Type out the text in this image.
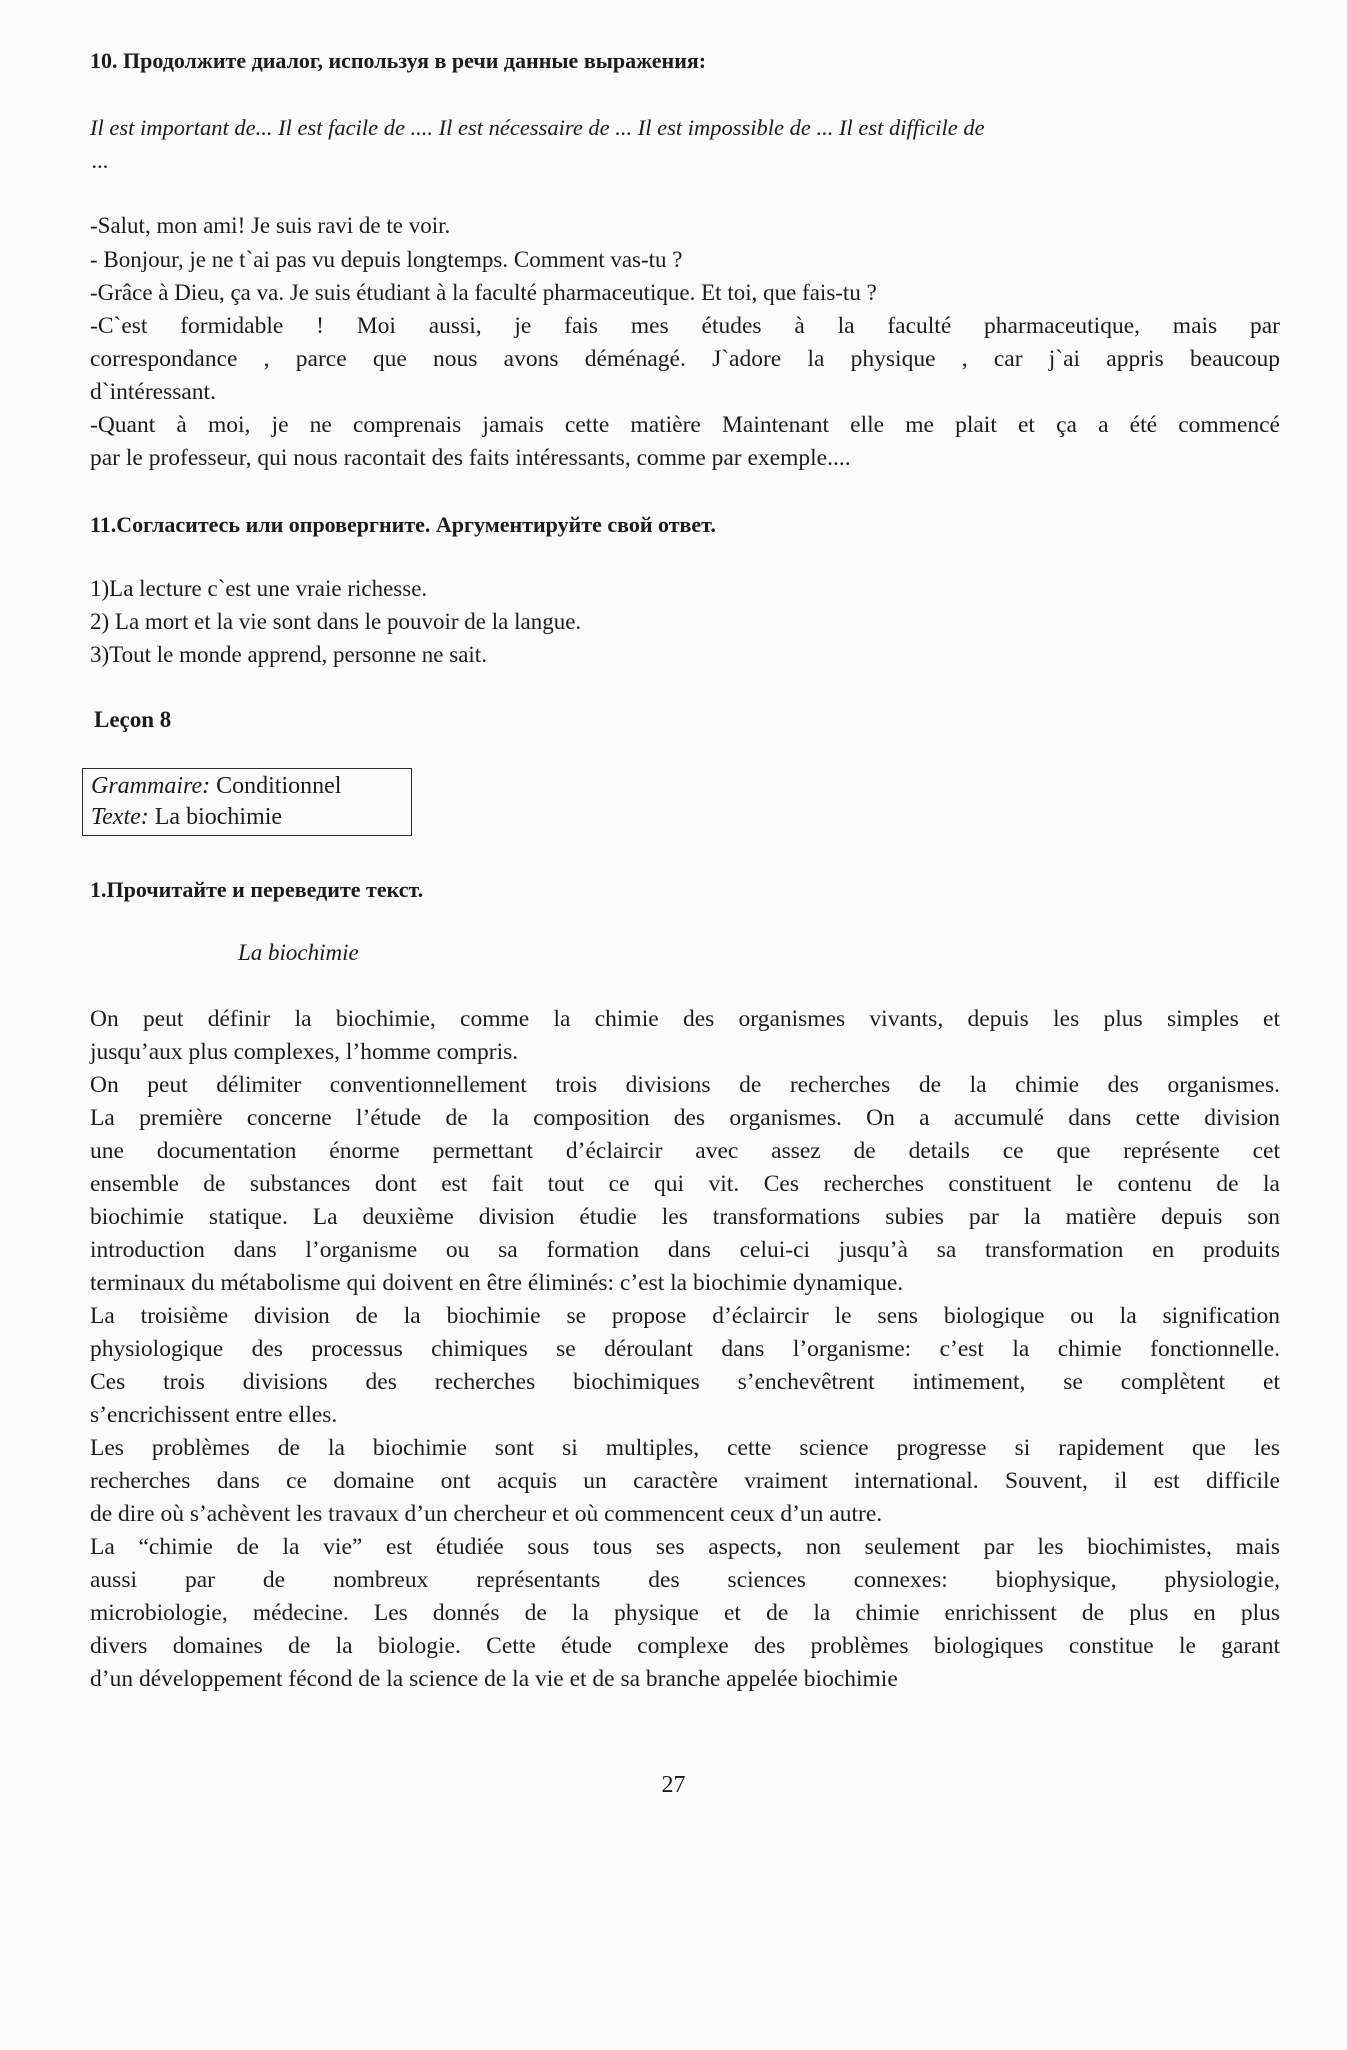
10. Продолжите диалог, используя в речи данные выражения:
Il est important de... Il est facile de .... Il est nécessaire de ... Il est impossible de ... Il est difficile de
...
-Salut, mon ami! Je suis ravi de te voir.
- Bonjour, je ne t`ai pas vu depuis longtemps. Comment vas-tu ?
-Grâce à Dieu, ça va. Je suis étudiant à la faculté pharmaceutique. Et toi, que fais-tu ?
-C`est formidable ! Moi aussi, je fais mes études à la faculté pharmaceutique, mais par
correspondance , parce que nous avons déménagé. J`adore la physique , car j`ai appris beaucoup
d`intéressant.
-Quant à moi, je ne comprenais jamais cette matière Maintenant elle me plait et ça a été commencé
par le professeur, qui nous racontait des faits intéressants, comme par exemple....
11.Согласитесь или опровергните. Аргументируйте свой ответ.
1)La lecture c`est une vraie richesse.
2) La mort et la vie sont dans le pouvoir de la langue.
3)Tout le monde apprend, personne ne sait.
Leçon 8
Grammaire: Conditionnel
Texte: La biochimie
1.Прочитайте и переведите текст.
La biochimie
On peut définir la biochimie, comme la chimie des organismes vivants, depuis les plus simples et
jusqu’aux plus complexes, l’homme compris.
On peut délimiter conventionnellement trois divisions de recherches de la chimie des organismes.
La première concerne l’étude de la composition des organismes. On a accumulé dans cette division
une documentation énorme permettant d’éclaircir avec assez de details ce que représente cet
ensemble de substances dont est fait tout ce qui vit. Ces recherches constituent le contenu de la
biochimie statique. La deuxième division étudie les transformations subies par la matière depuis son
introduction dans l’organisme ou sa formation dans celui-ci jusqu’à sa transformation en produits
terminaux du métabolisme qui doivent en être éliminés: c’est la biochimie dynamique.
La troisième division de la biochimie se propose d’éclaircir le sens biologique ou la signification
physiologique des processus chimiques se déroulant dans l’organisme: c’est la chimie fonctionnelle.
Ces trois divisions des recherches biochimiques s’enchevêtrent intimement, se complètent et
s’encrichissent entre elles.
Les problèmes de la biochimie sont si multiples, cette science progresse si rapidement que les
recherches dans ce domaine ont acquis un caractère vraiment international. Souvent, il est difficile
de dire où s’achèvent les travaux d’un chercheur et où commencent ceux d’un autre.
La “chimie de la vie” est étudiée sous tous ses aspects, non seulement par les biochimistes, mais
aussi par de nombreux représentants des sciences connexes: biophysique, physiologie,
microbiologie, médecine. Les donnés de la physique et de la chimie enrichissent de plus en plus
divers domaines de la biologie. Cette étude complexe des problèmes biologiques constitue le garant
d’un développement fécond de la science de la vie et de sa branche appelée biochimie
27
